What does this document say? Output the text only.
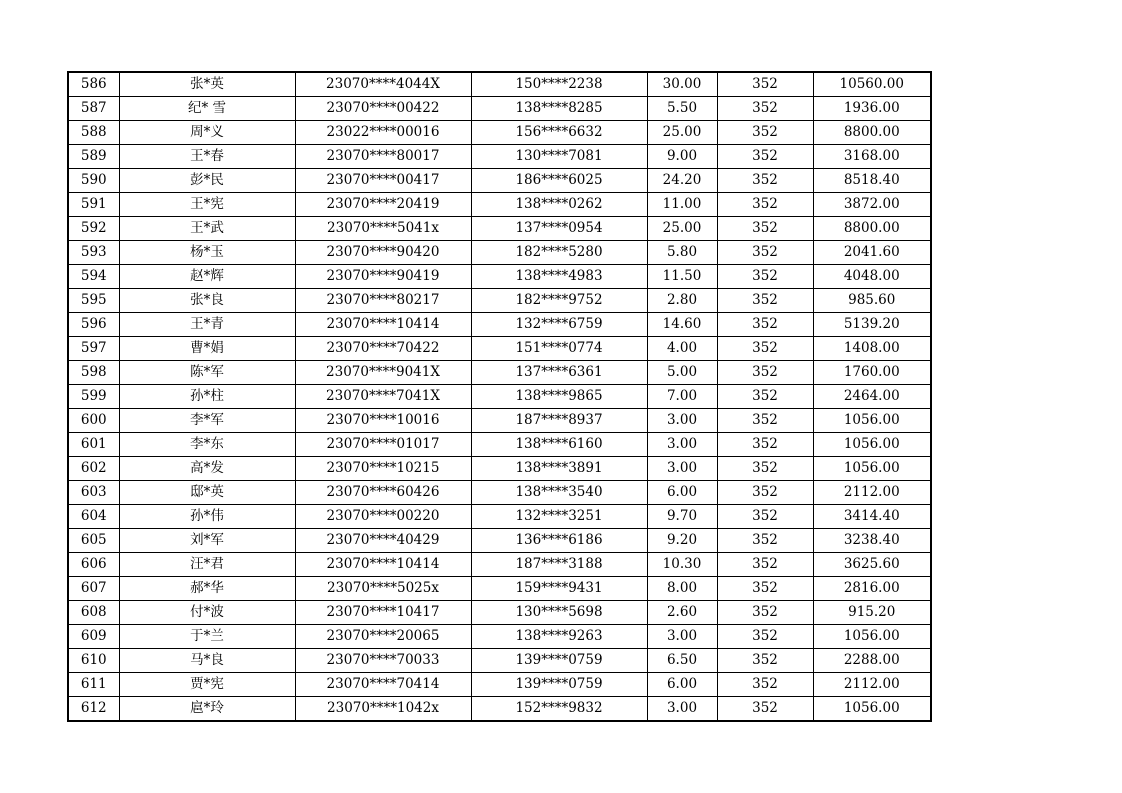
586	张*英	23070****4044X	150****2238	30.00	352	10560.00
587	纪* 雪	23070****00422	138****8285	5.50	352	1936.00
588	周*义	23022****00016	156****6632	25.00	352	8800.00
589	王*春	23070****80017	130****7081	9.00	352	3168.00
590	彭*民	23070****00417	186****6025	24.20	352	8518.40
591	王*宪	23070****20419	138****0262	11.00	352	3872.00
592	王*武	23070****5041x	137****0954	25.00	352	8800.00
593	杨*玉	23070****90420	182****5280	5.80	352	2041.60
594	赵*辉	23070****90419	138****4983	11.50	352	4048.00
595	张*良	23070****80217	182****9752	2.80	352	985.60
596	王*青	23070****10414	132****6759	14.60	352	5139.20
597	曹*娟	23070****70422	151****0774	4.00	352	1408.00
598	陈*军	23070****9041X	137****6361	5.00	352	1760.00
599	孙*柱	23070****7041X	138****9865	7.00	352	2464.00
600	李*军	23070****10016	187****8937	3.00	352	1056.00
601	李*东	23070****01017	138****6160	3.00	352	1056.00
602	高*发	23070****10215	138****3891	3.00	352	1056.00
603	邸*英	23070****60426	138****3540	6.00	352	2112.00
604	孙*伟	23070****00220	132****3251	9.70	352	3414.40
605	刘*军	23070****40429	136****6186	9.20	352	3238.40
606	汪*君	23070****10414	187****3188	10.30	352	3625.60
607	郝*华	23070****5025x	159****9431	8.00	352	2816.00
608	付*波	23070****10417	130****5698	2.60	352	915.20
609	于*兰	23070****20065	138****9263	3.00	352	1056.00
610	马*良	23070****70033	139****0759	6.50	352	2288.00
611	贾*宪	23070****70414	139****0759	6.00	352	2112.00
612	扈*玲	23070****1042x	152****9832	3.00	352	1056.00
